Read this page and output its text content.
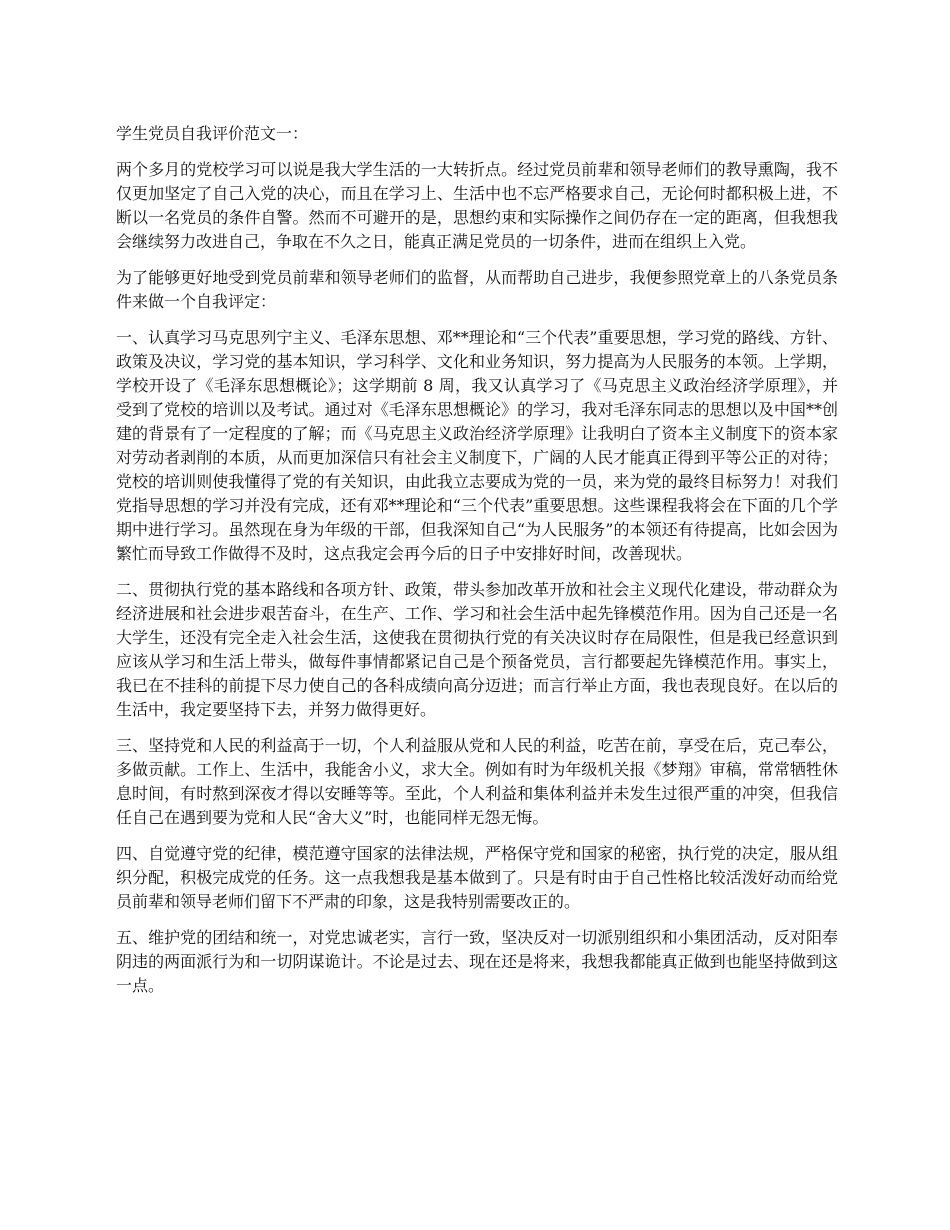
学生党员自我评价范文一：

两个多月的党校学习可以说是我大学生活的一大转折点。经过党员前辈和领导老师们的教导熏陶，我不仅更加坚定了自己入党的决心，而且在学习上、生活中也不忘严格要求自己，无论何时都积极上进，不断以一名党员的条件自警。然而不可避开的是，思想约束和实际操作之间仍存在一定的距离，但我想我会继续努力改进自己，争取在不久之日，能真正满足党员的一切条件，进而在组织上入党。

为了能够更好地受到党员前辈和领导老师们的监督，从而帮助自己进步，我便参照党章上的八条党员条件来做一个自我评定：

一、认真学习马克思列宁主义、毛泽东思想、邓**理论和“三个代表”重要思想，学习党的路线、方针、政策及决议，学习党的基本知识，学习科学、文化和业务知识，努力提高为人民服务的本领。上学期，学校开设了《毛泽东思想概论》；这学期前 8 周，我又认真学习了《马克思主义政治经济学原理》，并受到了党校的培训以及考试。通过对《毛泽东思想概论》的学习，我对毛泽东同志的思想以及中国**创建的背景有了一定程度的了解；而《马克思主义政治经济学原理》让我明白了资本主义制度下的资本家对劳动者剥削的本质，从而更加深信只有社会主义制度下，广阔的人民才能真正得到平等公正的对待；党校的培训则使我懂得了党的有关知识，由此我立志要成为党的一员，来为党的最终目标努力！对我们党指导思想的学习并没有完成，还有邓**理论和“三个代表”重要思想。这些课程我将会在下面的几个学期中进行学习。虽然现在身为年级的干部，但我深知自己“为人民服务”的本领还有待提高，比如会因为繁忙而导致工作做得不及时，这点我定会再今后的日子中安排好时间，改善现状。

二、贯彻执行党的基本路线和各项方针、政策，带头参加改革开放和社会主义现代化建设，带动群众为经济进展和社会进步艰苦奋斗，在生产、工作、学习和社会生活中起先锋模范作用。因为自己还是一名大学生，还没有完全走入社会生活，这使我在贯彻执行党的有关决议时存在局限性，但是我已经意识到应该从学习和生活上带头，做每件事情都紧记自己是个预备党员，言行都要起先锋模范作用。事实上，我已在不挂科的前提下尽力使自己的各科成绩向高分迈进；而言行举止方面，我也表现良好。在以后的生活中，我定要坚持下去，并努力做得更好。

三、坚持党和人民的利益高于一切，个人利益服从党和人民的利益，吃苦在前，享受在后，克己奉公，多做贡献。工作上、生活中，我能舍小义，求大全。例如有时为年级机关报《梦翔》审稿，常常牺牲休息时间，有时熬到深夜才得以安睡等等。至此，个人利益和集体利益并未发生过很严重的冲突，但我信任自己在遇到要为党和人民“舍大义”时，也能同样无怨无悔。

四、自觉遵守党的纪律，模范遵守国家的法律法规，严格保守党和国家的秘密，执行党的决定，服从组织分配，积极完成党的任务。这一点我想我是基本做到了。只是有时由于自己性格比较活泼好动而给党员前辈和领导老师们留下不严肃的印象，这是我特别需要改正的。

五、维护党的团结和统一，对党忠诚老实，言行一致，坚决反对一切派别组织和小集团活动，反对阳奉阴违的两面派行为和一切阴谋诡计。不论是过去、现在还是将来，我想我都能真正做到也能坚持做到这一点。
